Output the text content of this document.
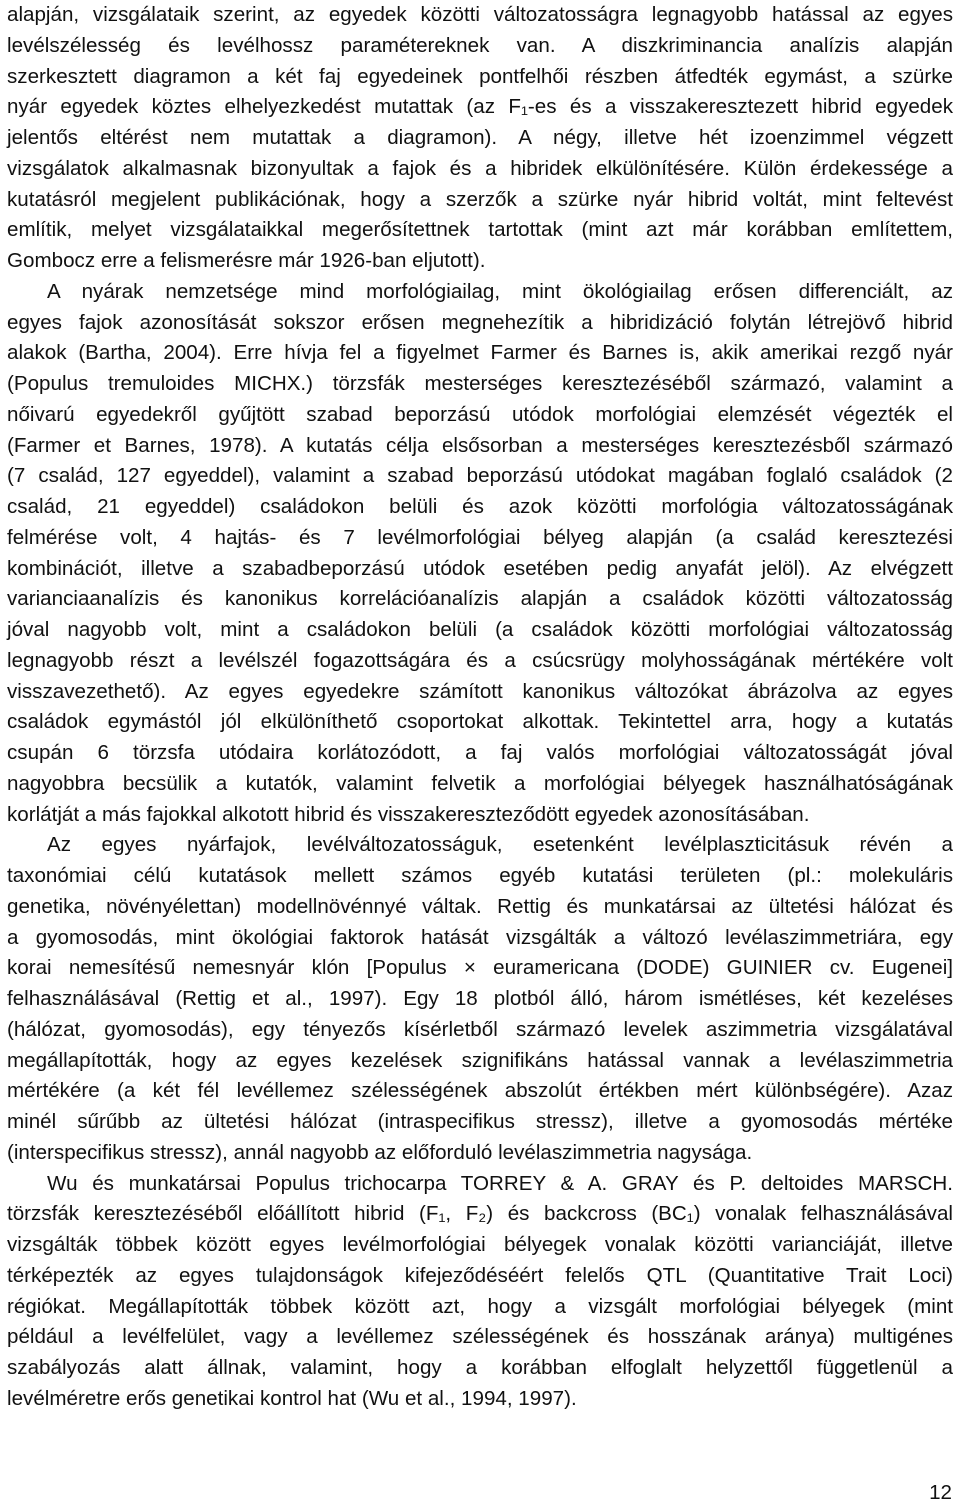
alapján, vizsgálataik szerint, az egyedek közötti változatosságra legnagyobb hatással az egyes
levélszélesség és levélhossz paramétereknek van. A diszkriminancia analízis alapján
szerkesztett diagramon a két faj egyedeinek pontfelhői részben átfedték egymást, a szürke
nyár egyedek köztes elhelyezkedést mutattak (az F₁-es és a visszakeresztezett hibrid egyedek
jelentős eltérést nem mutattak a diagramon). A négy, illetve hét izoenzimmel végzett
vizsgálatok alkalmasnak bizonyultak a fajok és a hibridek elkülönítésére. Külön érdekessége a
kutatásról megjelent publikációnak, hogy a szerzők a szürke nyár hibrid voltát, mint feltevést
említik, melyet vizsgálataikkal megerősítettnek tartottak (mint azt már korábban említettem,
Gombocz erre a felismerésre már 1926-ban eljutott).
A nyárak nemzetsége mind morfológiailag, mint ökológiailag erősen differenciált, az
egyes fajok azonosítását sokszor erősen megnehezítik a hibridizáció folytán létrejövő hibrid
alakok (Bartha, 2004). Erre hívja fel a figyelmet Farmer és Barnes is, akik amerikai rezgő nyár
(Populus tremuloides MICHX.) törzsfák mesterséges keresztezéséből származó, valamint a
nőivarú egyedekről gyűjtött szabad beporzású utódok morfológiai elemzését végezték el
(Farmer et Barnes, 1978). A kutatás célja elsősorban a mesterséges keresztezésből származó
(7 család, 127 egyeddel), valamint a szabad beporzású utódokat magában foglaló családok (2
család, 21 egyeddel) családokon belüli és azok közötti morfológia változatosságának
felmérése volt, 4 hajtás- és 7 levélmorfológiai bélyeg alapján (a család keresztezési
kombinációt, illetve a szabadbeporzású utódok esetében pedig anyafát jelöl). Az elvégzett
varianciaanalízis és kanonikus korrelációanalízis alapján a családok közötti változatosság
jóval nagyobb volt, mint a családokon belüli (a családok közötti morfológiai változatosság
legnagyobb részt a levélszél fogazottságára és a csúcsrügy molyhosságának mértékére volt
visszavezethető). Az egyes egyedekre számított kanonikus változókat ábrázolva az egyes
családok egymástól jól elkülöníthető csoportokat alkottak. Tekintettel arra, hogy a kutatás
csupán 6 törzsfa utódaira korlátozódott, a faj valós morfológiai változatosságát jóval
nagyobbra becsülik a kutatók, valamint felvetik a morfológiai bélyegek használhatóságának
korlátját a más fajokkal alkotott hibrid és visszakereszteződött egyedek azonosításában.
Az egyes nyárfajok, levélváltozatosságuk, esetenként levélplaszticitásuk révén a
taxonómiai célú kutatások mellett számos egyéb kutatási területen (pl.: molekuláris
genetika, növényélettan) modellnövénnyé váltak. Rettig és munkatársai az ültetési hálózat és
a gyomosodás, mint ökológiai faktorok hatását vizsgálták a változó levélaszimmetriára, egy
korai nemesítésű nemesnyár klón [Populus × euramericana (DODE) GUINIER cv. Eugenei]
felhasználásával (Rettig et al., 1997). Egy 18 plotból álló, három ismétléses, két kezeléses
(hálózat, gyomosodás), egy tényezős kísérletből származó levelek aszimmetria vizsgálatával
megállapították, hogy az egyes kezelések szignifikáns hatással vannak a levélaszimmetria
mértékére (a két fél levéllemez szélességének abszolút értékben mért különbségére). Azaz
minél sűrűbb az ültetési hálózat (intraspecifikus stressz), illetve a gyomosodás mértéke
(interspecifikus stressz), annál nagyobb az előforduló levélaszimmetria nagysága.
Wu és munkatársai Populus trichocarpa TORREY & A. GRAY és P. deltoides MARSCH.
törzsfák keresztezéséből előállított hibrid (F₁, F₂) és backcross (BC₁) vonalak felhasználásával
vizsgálták többek között egyes levélmorfológiai bélyegek vonalak közötti varianciáját, illetve
térképezték az egyes tulajdonságok kifejeződéséért felelős QTL (Quantitative Trait Loci)
régiókat. Megállapították többek között azt, hogy a vizsgált morfológiai bélyegek (mint
például a levélfelület, vagy a levéllemez szélességének és hosszának aránya) multigénes
szabályozás alatt állnak, valamint, hogy a korábban elfoglalt helyzettől függetlenül a
levélméretre erős genetikai kontrol hat (Wu et al., 1994, 1997).
12
